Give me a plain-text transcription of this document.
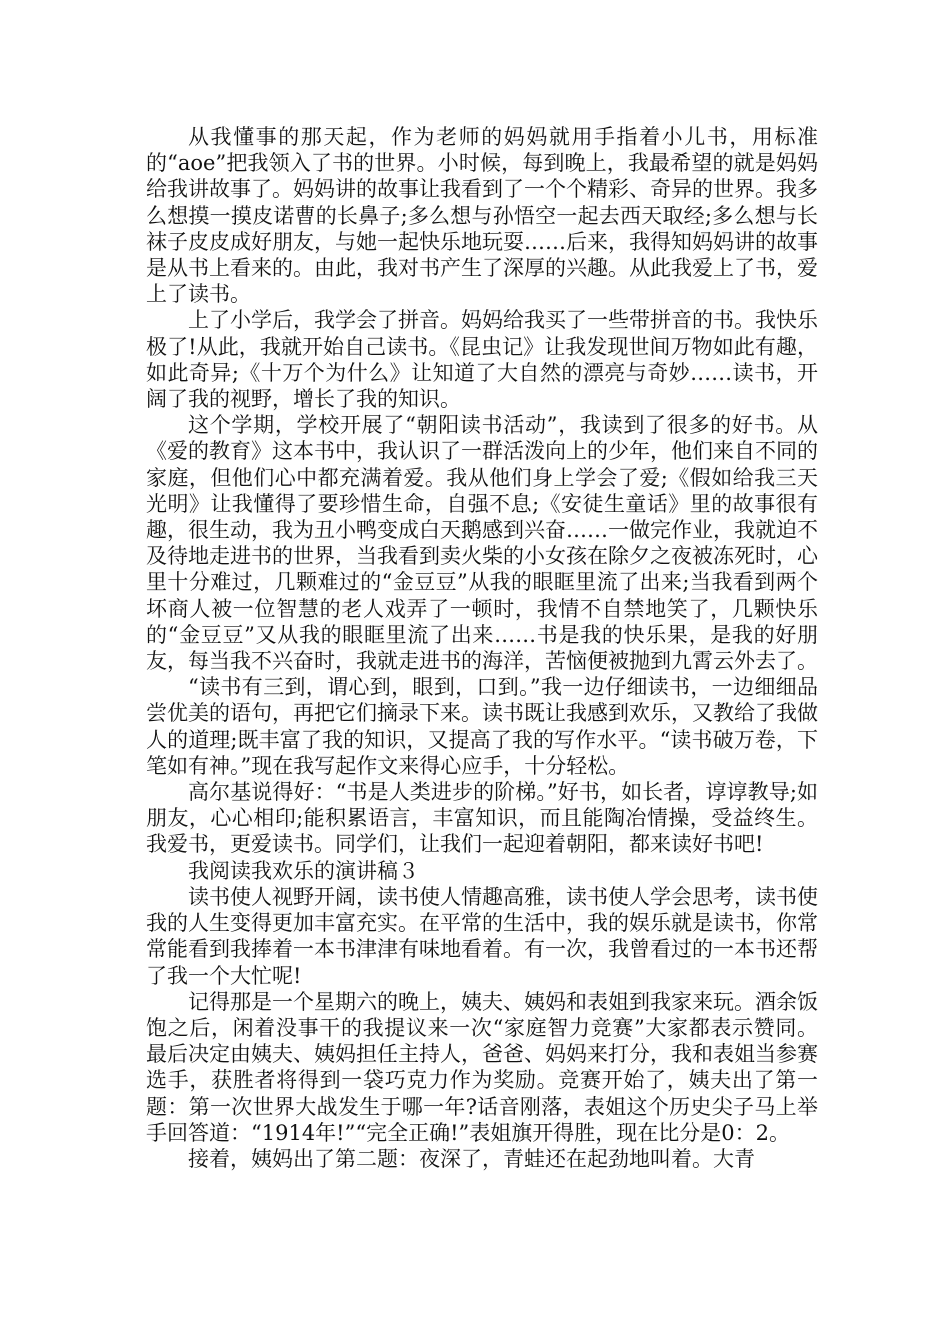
从我懂事的那天起，作为老师的妈妈就用手指着小儿书，用标准的“aoe”把我领入了书的世界。小时候，每到晚上，我最希望的就是妈妈给我讲故事了。妈妈讲的故事让我看到了一个个精彩、奇异的世界。我多么想摸一摸皮诺曹的长鼻子;多么想与孙悟空一起去西天取经;多么想与长袜子皮皮成好朋友，与她一起快乐地玩耍……后来，我得知妈妈讲的故事是从书上看来的。由此，我对书产生了深厚的兴趣。从此我爱上了书，爱上了读书。

上了小学后，我学会了拼音。妈妈给我买了一些带拼音的书。我快乐极了!从此，我就开始自己读书。《昆虫记》让我发现世间万物如此有趣，如此奇异;《十万个为什么》让知道了大自然的漂亮与奇妙……读书，开阔了我的视野，增长了我的知识。

这个学期，学校开展了“朝阳读书活动”，我读到了很多的好书。从《爱的教育》这本书中，我认识了一群活泼向上的少年，他们来自不同的家庭，但他们心中都充满着爱。我从他们身上学会了爱;《假如给我三天光明》让我懂得了要珍惜生命，自强不息;《安徒生童话》里的故事很有趣，很生动，我为丑小鸭变成白天鹅感到兴奋……一做完作业，我就迫不及待地走进书的世界，当我看到卖火柴的小女孩在除夕之夜被冻死时，心里十分难过，几颗难过的“金豆豆”从我的眼眶里流了出来;当我看到两个坏商人被一位智慧的老人戏弄了一顿时，我情不自禁地笑了，几颗快乐的“金豆豆”又从我的眼眶里流了出来……书是我的快乐果，是我的好朋友，每当我不兴奋时，我就走进书的海洋，苦恼便被抛到九霄云外去了。

“读书有三到，谓心到，眼到，口到。”我一边仔细读书，一边细细品尝优美的语句，再把它们摘录下来。读书既让我感到欢乐，又教给了我做人的道理;既丰富了我的知识，又提高了我的写作水平。“读书破万卷，下笔如有神。”现在我写起作文来得心应手，十分轻松。

高尔基说得好：“书是人类进步的阶梯。”好书，如长者，谆谆教导;如朋友，心心相印;能积累语言，丰富知识，而且能陶冶情操，受益终生。我爱书，更爱读书。同学们，让我们一起迎着朝阳，都来读好书吧!

我阅读我欢乐的演讲稿３

读书使人视野开阔，读书使人情趣高雅，读书使人学会思考，读书使我的人生变得更加丰富充实。在平常的生活中，我的娱乐就是读书，你常常能看到我捧着一本书津津有味地看着。有一次，我曾看过的一本书还帮了我一个大忙呢!

记得那是一个星期六的晚上，姨夫、姨妈和表姐到我家来玩。酒余饭饱之后，闲着没事干的我提议来一次“家庭智力竞赛”大家都表示赞同。最后决定由姨夫、姨妈担任主持人，爸爸、妈妈来打分，我和表姐当参赛选手，获胜者将得到一袋巧克力作为奖励。竞赛开始了，姨夫出了第一题：第一次世界大战发生于哪一年?话音刚落，表姐这个历史尖子马上举手回答道：“1914年!”“完全正确!”表姐旗开得胜，现在比分是0：2。

接着，姨妈出了第二题：夜深了，青蛙还在起劲地叫着。大青
